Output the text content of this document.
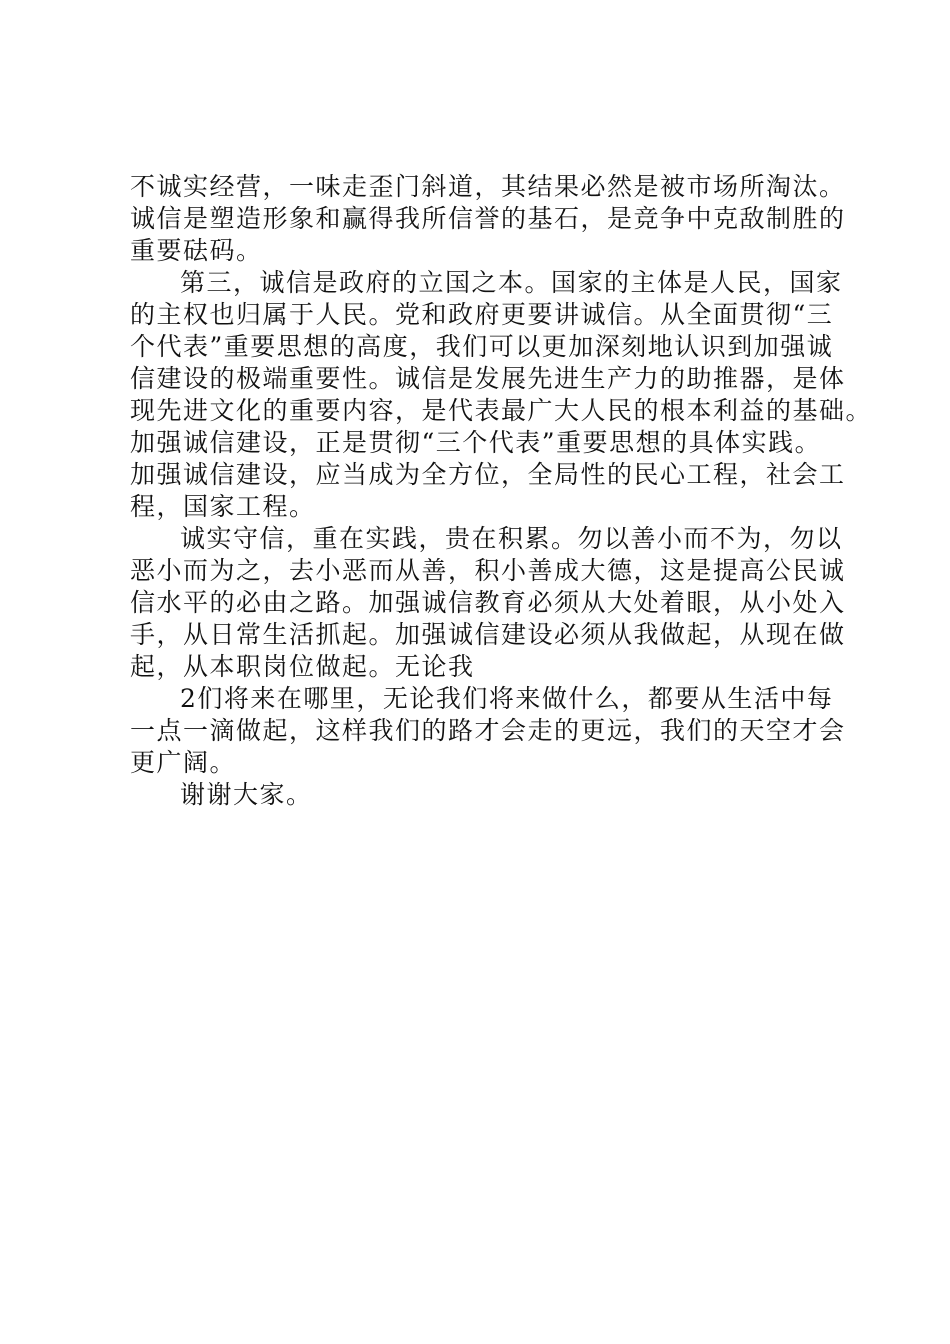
不诚实经营，一味走歪门斜道，其结果必然是被市场所淘汰。
诚信是塑造形象和赢得我所信誉的基石，是竞争中克敌制胜的
重要砝码。
第三，诚信是政府的立国之本。国家的主体是人民，国家
的主权也归属于人民。党和政府更要讲诚信。从全面贯彻“三
个代表”重要思想的高度，我们可以更加深刻地认识到加强诚
信建设的极端重要性。诚信是发展先进生产力的助推器，是体
现先进文化的重要内容，是代表最广大人民的根本利益的基础。
加强诚信建设，正是贯彻“三个代表”重要思想的具体实践。
加强诚信建设，应当成为全方位，全局性的民心工程，社会工
程，国家工程。
诚实守信，重在实践，贵在积累。勿以善小而不为，勿以
恶小而为之，去小恶而从善，积小善成大德，这是提高公民诚
信水平的必由之路。加强诚信教育必须从大处着眼，从小处入
手，从日常生活抓起。加强诚信建设必须从我做起，从现在做
起，从本职岗位做起。无论我
2们将来在哪里，无论我们将来做什么，都要从生活中每
一点一滴做起，这样我们的路才会走的更远，我们的天空才会
更广阔。
谢谢大家。
